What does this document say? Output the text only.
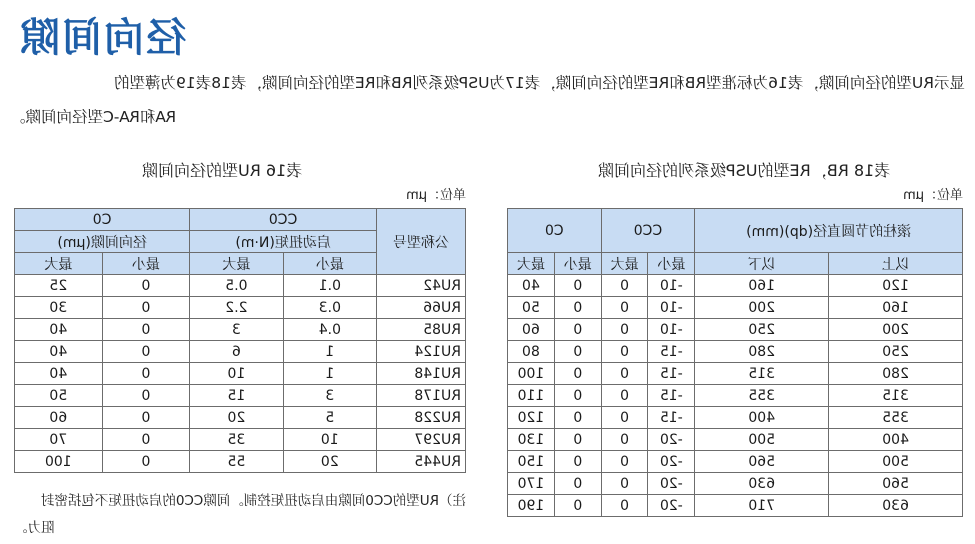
径向间隙
显示RU型的径向间隙，表16为标准型RB和RE型的径向间隙，表17为USP级系列RB和RE型的径向间隙，表18表19为薄型的
RA和RA-C型径向间隙。
表18 RB，RE型的USP级系列的径向间隙
单位：μm
滚柱的节圆直径(dp)(mm)		CC0		C0	
以上	以下	最小	最大	最小	最大
120	160	-10	0	0	40
160	200	-10	0	0	50
200	250	-10	0	0	60
250	280	-15	0	0	80
280	315	-15	0	0	100
315	355	-15	0	0	110
355	400	-15	0	0	120
400	500	-20	0	0	130
500	560	-20	0	0	150
560	630	-20	0	0	170
630	710	-20	0	0	190
表16 RU型的径向间隙
单位：μm
公称型号	CC0		C0	
	启动扭矩(N·m)		径向间隙(μm)	
	最小	最大	最小	最大
RU42	0.1	0.5	0	25
RU66	0.3	2.2	0	30
RU85	0.4	3	0	40
RU124	1	6	0	40
RU148	1	10	0	40
RU178	3	15	0	50
RU228	5	20	0	60
RU297	10	35	0	70
RU445	20	55	0	100
注）RU型的CC0间隙由启动扭矩控制。间隙CC0的启动扭矩不包括密封
阻力。
